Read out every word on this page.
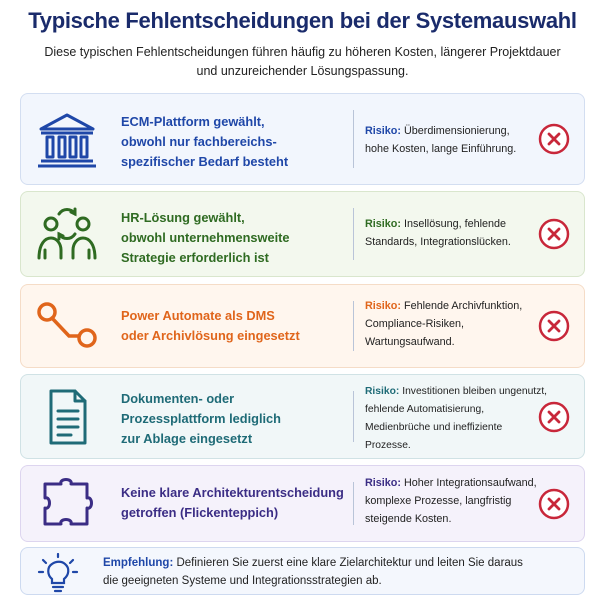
Typische Fehlentscheidungen bei der Systemauswahl
Diese typischen Fehlentscheidungen führen häufig zu höheren Kosten, längerer Projektdauer und unzureichender Lösungspassung.
ECM-Plattform gewählt,
obwohl nur fachbereichs-
spezifischer Bedarf besteht
Risiko: Überdimensionierung,
hohe Kosten, lange Einführung.
HR-Lösung gewählt,
obwohl unternehmensweite
Strategie erforderlich ist
Risiko: Insellösung, fehlende
Standards, Integrationslücken.
Power Automate als DMS
oder Archivlösung eingesetzt
Risiko: Fehlende Archivfunktion,
Compliance-Risiken,
Wartungsaufwand.
Dokumenten- oder
Prozessplattform lediglich
zur Ablage eingesetzt
Risiko: Investitionen bleiben ungenutzt,
fehlende Automatisierung,
Medienbrüche und ineffiziente
Prozesse.
Keine klare Architekturentscheidung
getroffen (Flickenteppich)
Risiko: Hoher Integrationsaufwand,
komplexe Prozesse, langfristig
steigende Kosten.
Empfehlung: Definieren Sie zuerst eine klare Zielarchitektur und leiten Sie daraus
die geeigneten Systeme und Integrationsstrategien ab.
